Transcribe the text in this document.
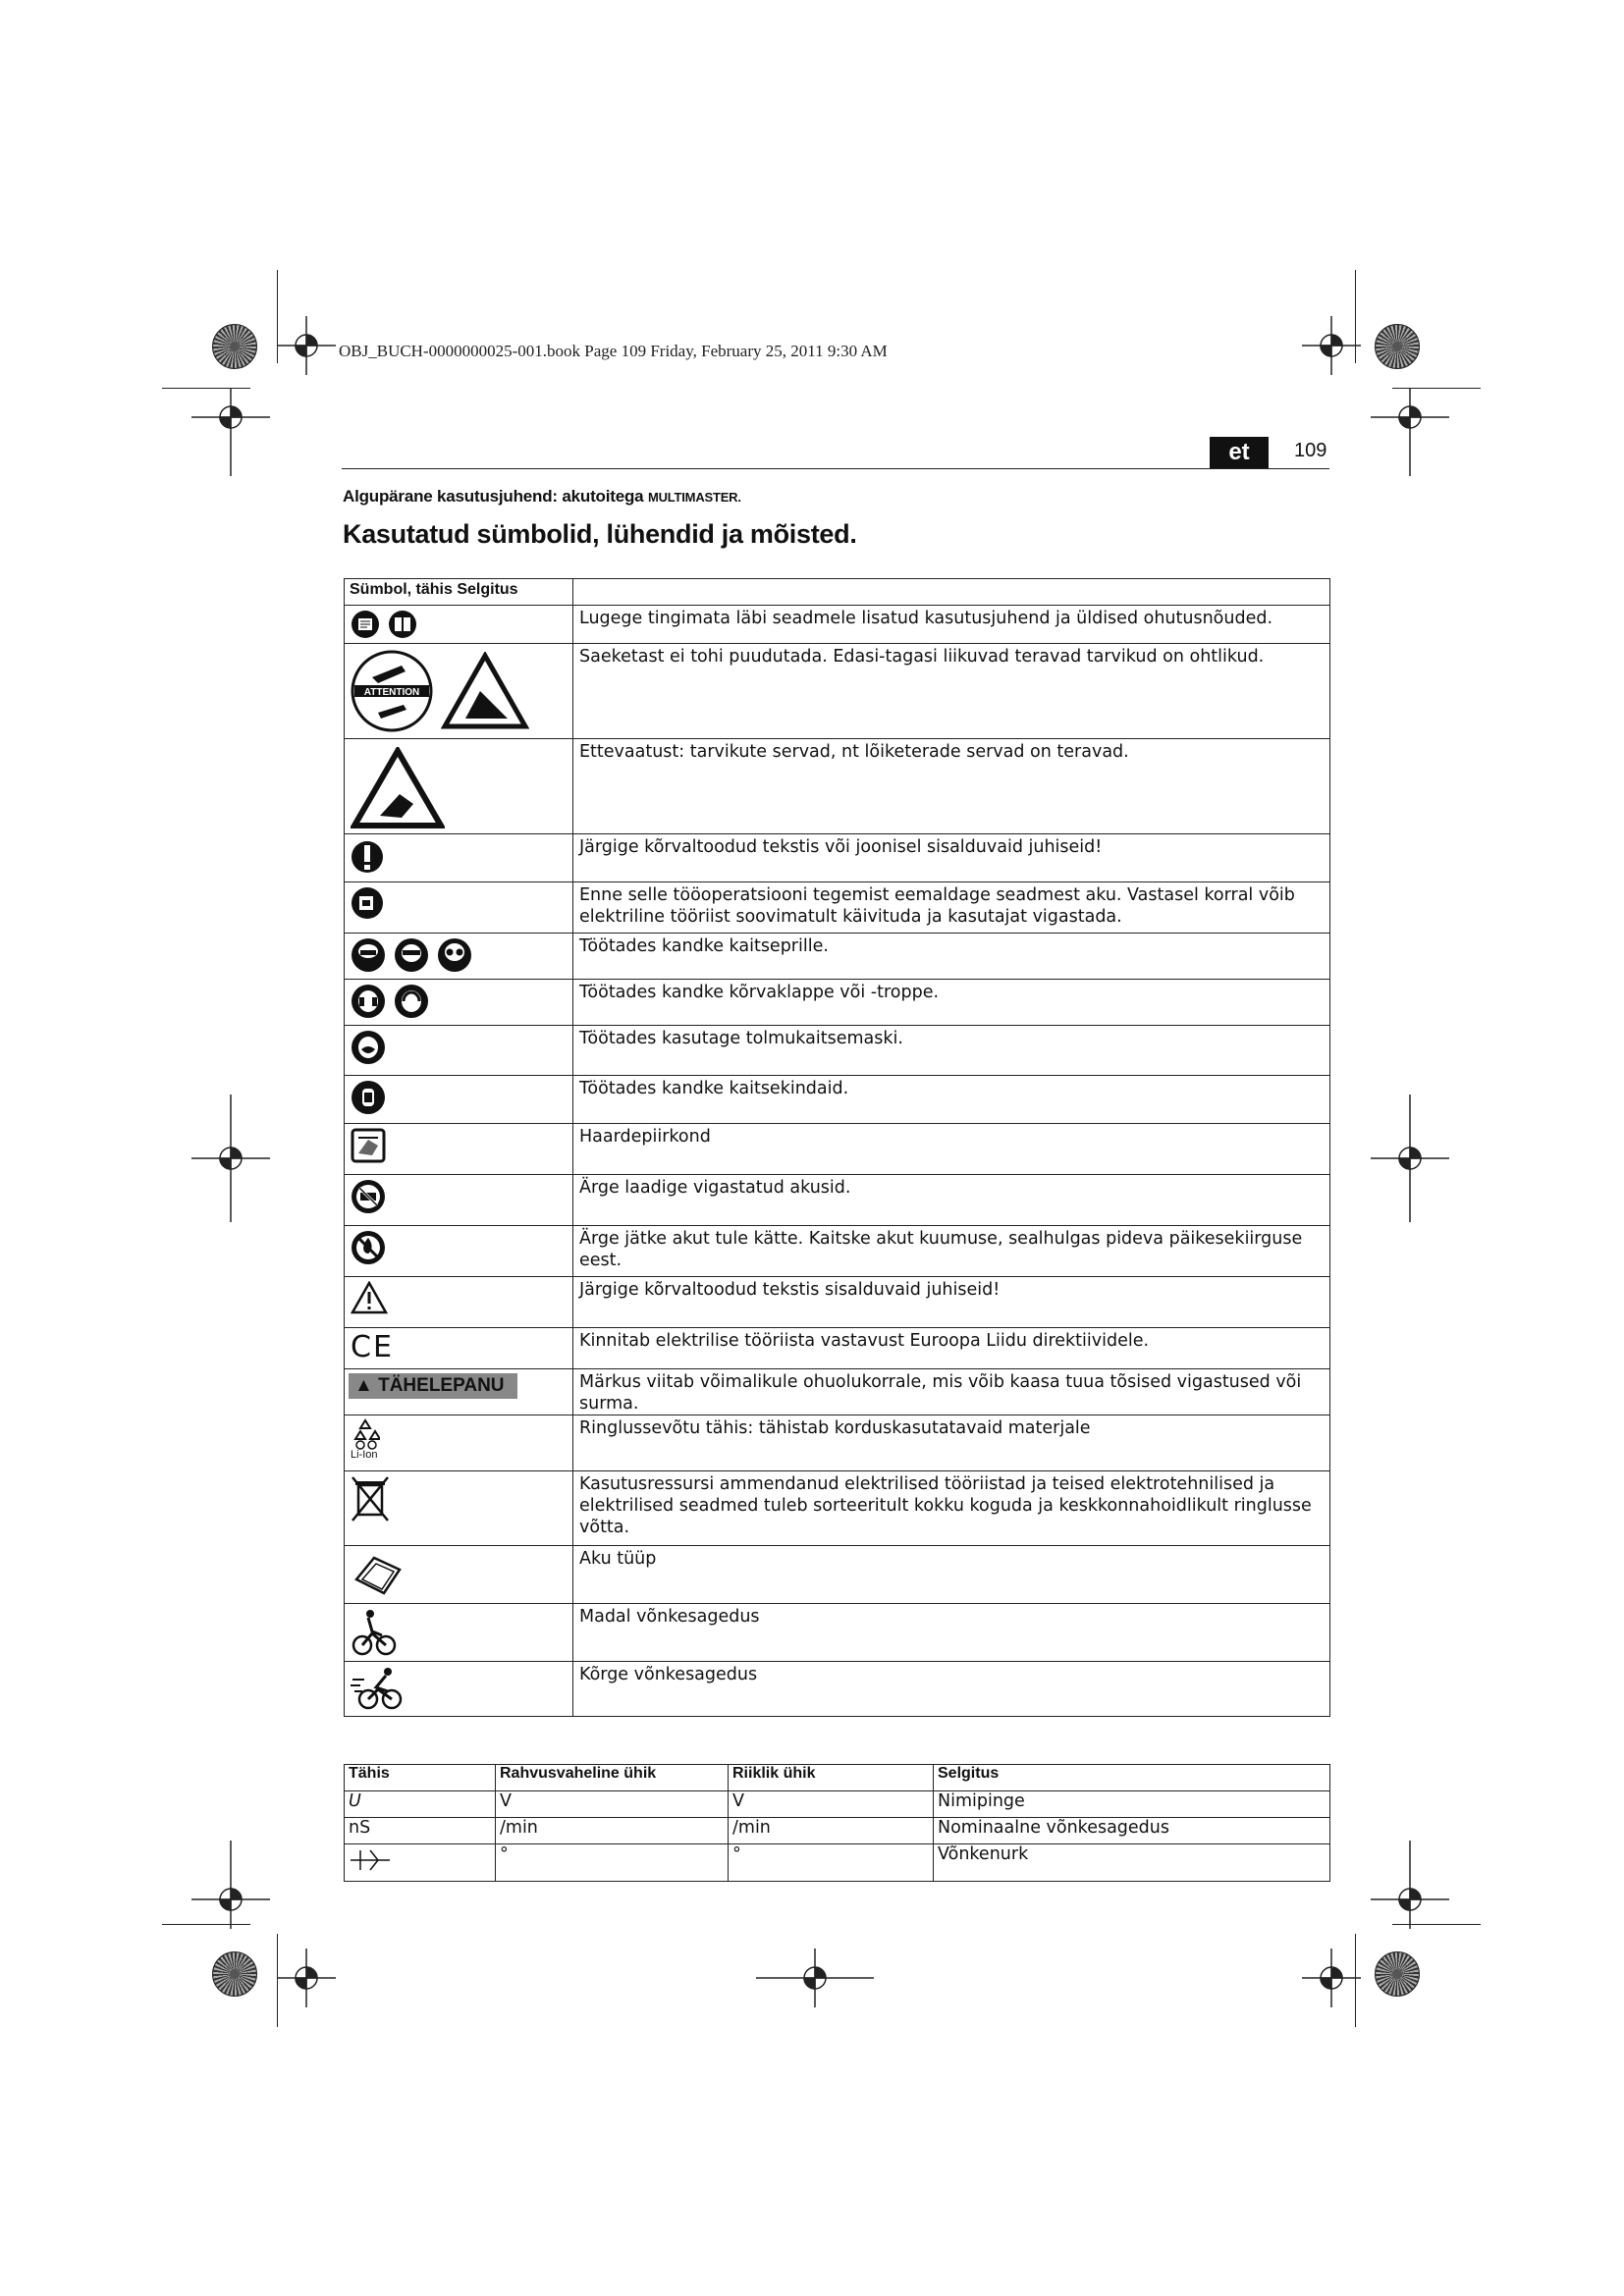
OBJ_BUCH-0000000025-001.book Page 109 Friday, February 25, 2011 9:30 AM
et	109
Algupärane kasutusjuhend: akutoitega MULTIMASTER.
Kasutatud sümbolid, lühendid ja mõisted.
Sümbol, tähis Selgitus	

	Lugege tingimata läbi seadmele lisatud kasutusjuhend ja üldised ohutusnõuded.

ATTENTION	Saeketast ei tohi puudutada. Edasi-tagasi liikuvad teravad tarvikud on ohtlikud.

	Ettevaatust: tarvikute servad, nt lõiketerade servad on teravad.

	Järgige kõrvaltoodud tekstis või joonisel sisalduvaid juhiseid!

	Enne selle tööoperatsiooni tegemist eemaldage seadmest aku. Vastasel korral võib elektriline tööriist soovimatult käivituda ja kasutajat vigastada.

	Töötades kandke kaitseprille.

	Töötades kandke kõrvaklappe või -troppe.

	Töötades kasutage tolmukaitsemaski.

	Töötades kandke kaitsekindaid.

	Haardepiirkond

	Ärge laadige vigastatud akusid.

	Ärge jätke akut tule kätte. Kaitske akut kuumuse, sealhulgas pideva päikesekiirguse eest.

	Järgige kõrvaltoodud tekstis sisalduvaid juhiseid!

CE	Kinnitab elektrilise tööriista vastavust Euroopa Liidu direktiividele.

▲ TÄHELEPANU	Märkus viitab võimalikule ohuolukorrale, mis võib kaasa tuua tõsised vigastused või surma.

Li-Ion	Ringlussevõtu tähis: tähistab korduskasutatavaid materjale

	Kasutusressursi ammendanud elektrilised tööriistad ja teised elektrotehnilised ja elektrilised seadmed tuleb sorteeritult kokku koguda ja keskkonnahoidlikult ringlusse võtta.

	Aku tüüp

	Madal võnkesagedus

	Kõrge võnkesagedus
Tähis	Rahvusvaheline ühik	Riiklik ühik	Selgitus
U	V	V	Nimipinge
nS	/min	/min	Nominaalne võnkesagedus

	°	°	Võnkenurk
